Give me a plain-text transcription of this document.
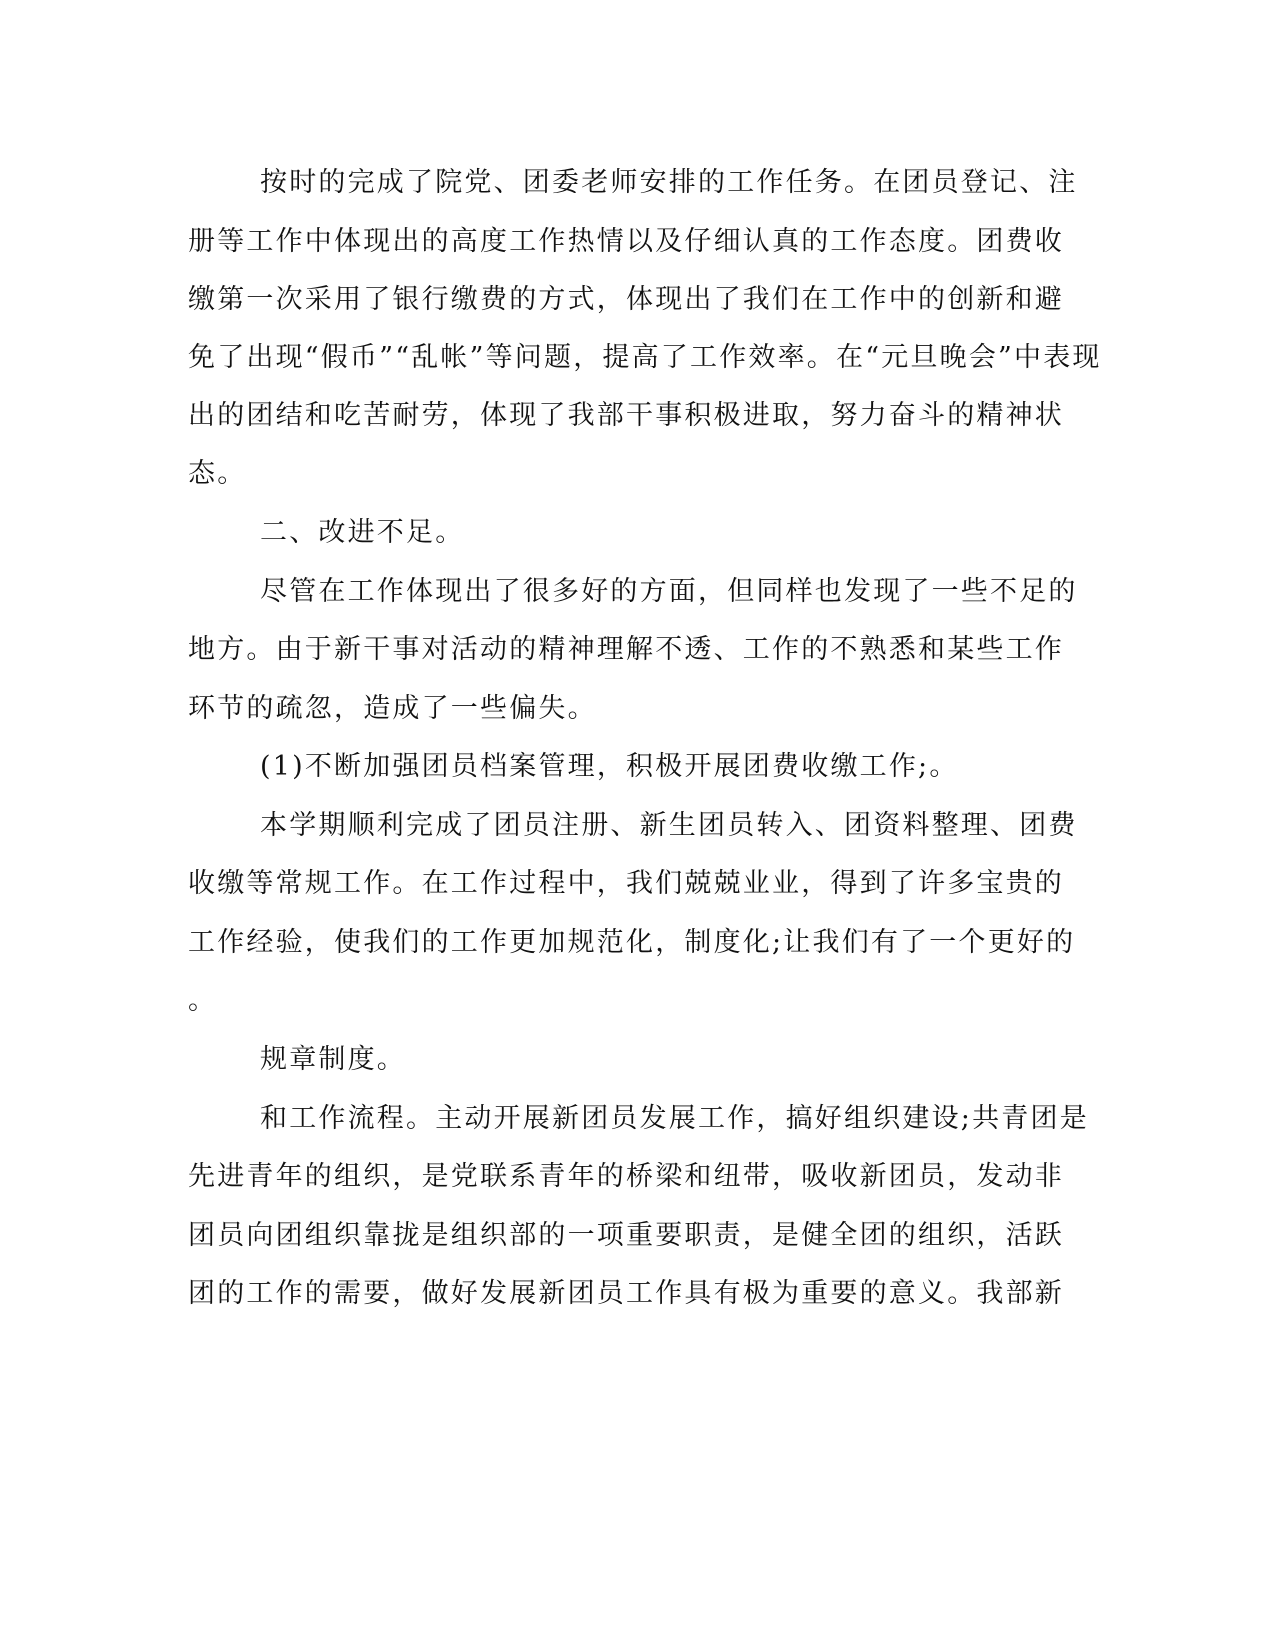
按时的完成了院党、团委老师安排的工作任务。在团员登记、注

册等工作中体现出的高度工作热情以及仔细认真的工作态度。团费收

缴第一次采用了银行缴费的方式，体现出了我们在工作中的创新和避

免了出现“假币”“乱帐”等问题，提高了工作效率。在“元旦晚会”中表现

出的团结和吃苦耐劳，体现了我部干事积极进取，努力奋斗的精神状

态。

二、改进不足。

尽管在工作体现出了很多好的方面，但同样也发现了一些不足的

地方。由于新干事对活动的精神理解不透、工作的不熟悉和某些工作

环节的疏忽，造成了一些偏失。

(1)不断加强团员档案管理，积极开展团费收缴工作;。

本学期顺利完成了团员注册、新生团员转入、团资料整理、团费

收缴等常规工作。在工作过程中，我们兢兢业业，得到了许多宝贵的

工作经验，使我们的工作更加规范化，制度化;让我们有了一个更好的

。

规章制度。

和工作流程。主动开展新团员发展工作，搞好组织建设;共青团是

先进青年的组织，是党联系青年的桥梁和纽带，吸收新团员，发动非

团员向团组织靠拢是组织部的一项重要职责，是健全团的组织，活跃

团的工作的需要，做好发展新团员工作具有极为重要的意义。我部新
